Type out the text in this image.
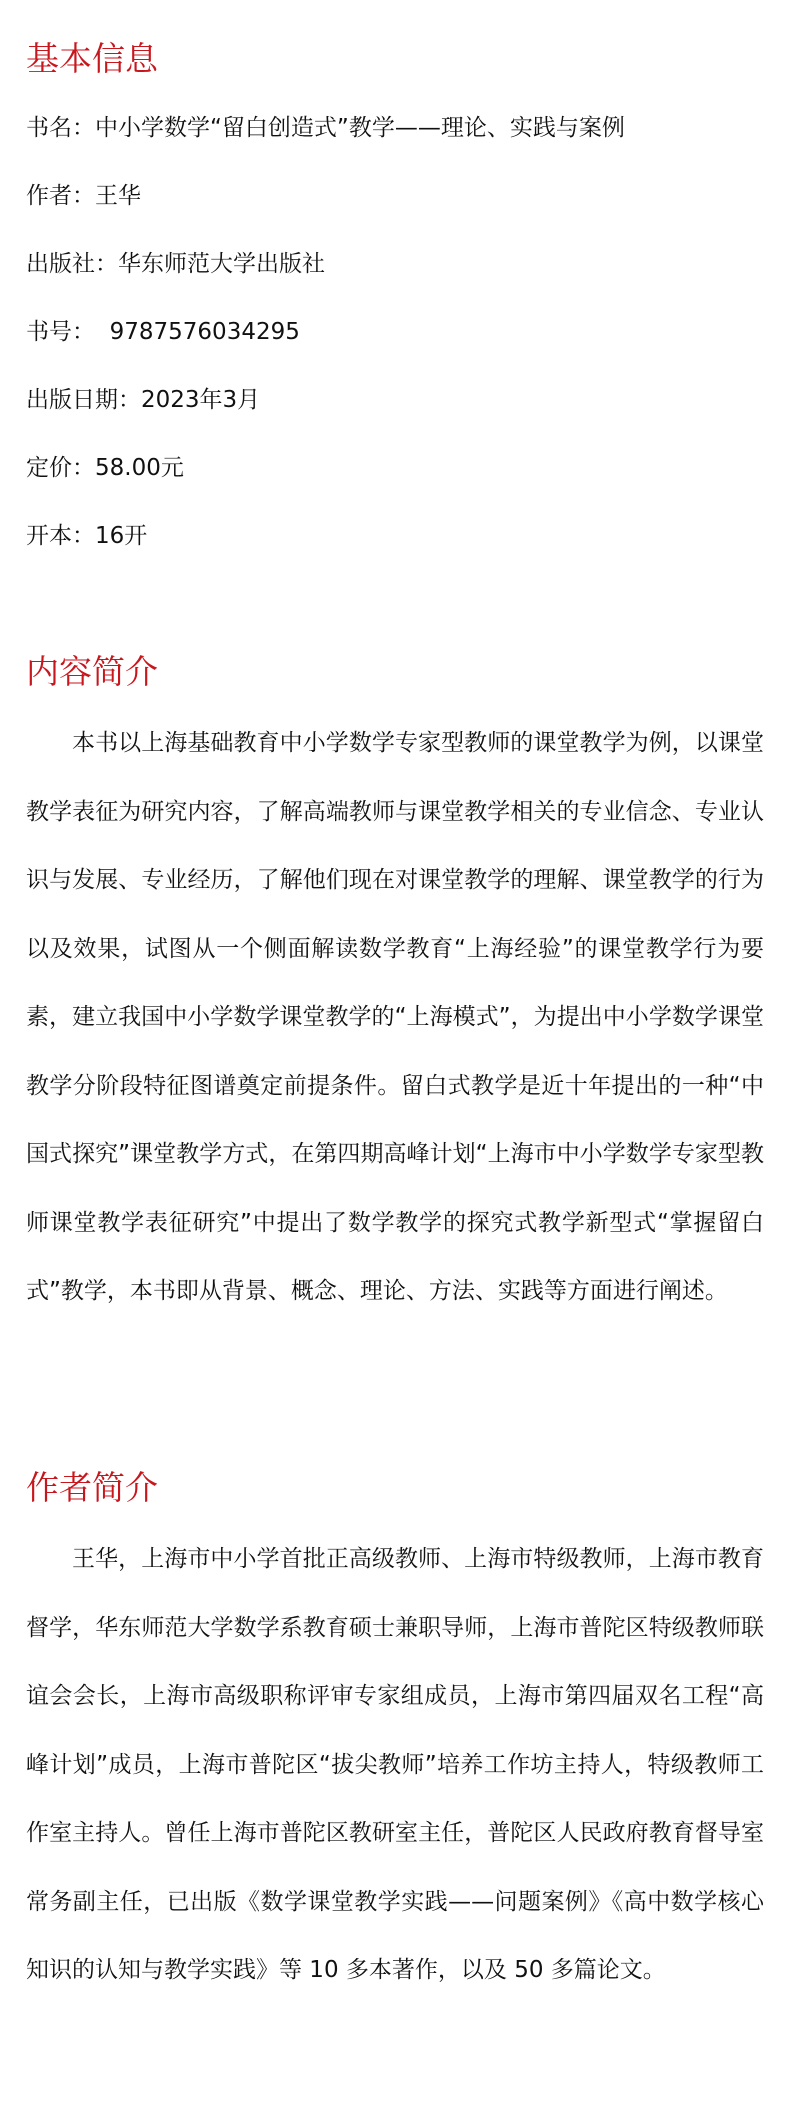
基本信息
书名：中小学数学“留白创造式”教学——理论、实践与案例
作者：王华
出版社：华东师范大学出版社
书号：  9787576034295
出版日期：2023年3月
定价：58.00元
开本：16开
内容简介

本书以上海基础教育中小学数学专家型教师的课堂教学为例，以课堂教学表征为研究内容，了解高端教师与课堂教学相关的专业信念、专业认识与发展、专业经历，了解他们现在对课堂教学的理解、课堂教学的行为以及效果，试图从一个侧面解读数学教育“上海经验”的课堂教学行为要素，建立我国中小学数学课堂教学的“上海模式”，为提出中小学数学课堂教学分阶段特征图谱奠定前提条件。留白式教学是近十年提出的一种“中国式探究”课堂教学方式，在第四期高峰计划“上海市中小学数学专家型教师课堂教学表征研究”中提出了数学教学的探究式教学新型式“掌握留白式”教学，本书即从背景、概念、理论、方法、实践等方面进行阐述。

作者简介

王华，上海市中小学首批正高级教师、上海市特级教师，上海市教育督学，华东师范大学数学系教育硕士兼职导师，上海市普陀区特级教师联谊会会长，上海市高级职称评审专家组成员，上海市第四届双名工程“高峰计划”成员，上海市普陀区“拔尖教师”培养工作坊主持人，特级教师工作室主持人。曾任上海市普陀区教研室主任，普陀区人民政府教育督导室常务副主任，已出版《数学课堂教学实践——问题案例》《高中数学核心知识的认知与教学实践》等 10 多本著作，以及 50 多篇论文。
